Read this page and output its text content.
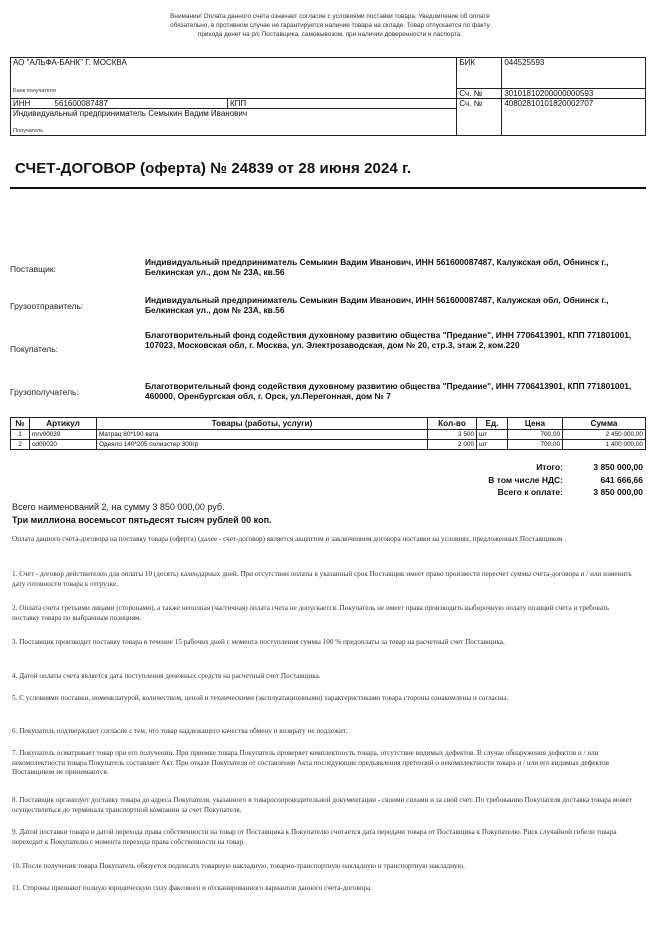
Внимание! Оплата данного счета означает согласие с условиями поставки товара. Уведомление об оплате
обязательно, в противном случае не гарантируется наличие товара на складе. Товар отпускается по факту
прихода денег на р/с Поставщика, самовывозом, при наличии доверенности и паспорта.
АО "АЛЬФА-БАНК" Г. МОСКВА		БИК	044525593

Банк получателя		Сч. №	30101810200000000593
ИНН 561600087487	КПП	Сч. №	40802810101820002707

Индивидуальный предприниматель Семыкин Вадим Иванович
Получатель			
СЧЕТ-ДОГОВОР (оферта) № 24839 от 28 июня 2024 г.
Поставщик:
Индивидуальный предприниматель Семыкин Вадим Иванович, ИНН 561600087487, Калужская обл, Обнинск г., Белкинская ул., дом № 23А, кв.56
Грузоотправитель:
Индивидуальный предприниматель Семыкин Вадим Иванович, ИНН 561600087487, Калужская обл, Обнинск г., Белкинская ул., дом № 23А, кв.56
Покупатель:
Благотворительный фонд содействия духовному развитию общества "Предание", ИНН 7706413901, КПП 771801001, 107023, Московская обл, г. Москва, ул. Электрозаводская, дом № 20, стр.3, этаж 2, ком.220
Грузополучатель:
Благотворительный фонд содействия духовному развитию общества "Предание", ИНН 7706413901, КПП 771801001, 460000, Оренбургская обл, г. Орск, ул.Перегонная, дом № 7
№	Артикул	Товары (работы, услуги)	Кол-во	Ед.	Цена	Сумма
1	mrv00039	Матрац 80*190 вата	3 500	шт	700,00	2 450 000,00
2	od00020	Одеяло 140*205 полиэстер 300гр	2 000	шт	700,00	1 400 000,00
Итого:	3 850 000,00
В том числе НДС:	641 666,66
Всего к оплате:	3 850 000,00
Всего наименований 2, на сумму 3 850 000,00 руб.
Три миллиона восемьсот пятьдесят тысяч рублей 00 коп.
Оплата данного счета-договора на поставку товара (оферта) (далее - счет-договор) является акцептом и заключением договора поставки на условиях, предложенных Поставщиком .
1. Счет - договор действителен для оплаты 10 (десять) календарных дней. При отсутствии оплаты в указанный срок Поставщик имеет право произвести пересчет суммы счета-договора и / или изменить дату готовности товара к отгрузке.
2. Оплата счета третьими лицами (сторонами), а также неполная (частичная) оплата счета не допускается. Покупатель не имеет права производить выборочную оплату позиций счета и требовать поставку товара по выбранным позициям.
3. Поставщик производит поставку товара в течение 15 рабочих дней с момента поступления суммы 100 % предоплаты за товар на расчетный счет Поставщика.
4. Датой оплаты счета является дата поступления денежных средств на расчетный счет Поставщика.
5. С условиями поставки, номенклатурой, количеством, ценой и техническими (эксплуатационными) характеристиками товара стороны ознакомлены и согласны.
6. Покупатель подтверждает согласие с тем, что товар надлежащего качества обмену и возврату не подлежит.
7. Покупатель осматривает товар при его получении. При приемке товара Покупатель проверяет комплектность товара, отсутствие видимых дефектов. В случае обнаружения дефектов и / или некомплектности товара Покупатель составляет Акт. При отказе Покупателя от составления Акта последующие предъявления претензий о некомплектности товара и / или его видимых дефектов Поставщиком не принимаются.
8. Поставщик организует доставку товара до адреса Покупателя, указанного в товаросопроводительной документации - своими силами и за свой счет. По требованию Покупателя доставка товара может осуществляться до терминала транспортной компании за счет Покупателя.
9. Датой поставки товара и датой перехода права собственности на товар от Поставщика к Покупателю считается дата передачи товара от Поставщика к Покупателю. Риск случайной гибели товара переходит к Покупателю с момента перехода права собственности на товар.
10. После получения товара Покупатель обязуется подписать товарную накладную, товарно-транспортную накладную и транспортную накладную.
11. Стороны признают полную юридическую силу факсового и отсканированного вариантов данного счета-договора.
